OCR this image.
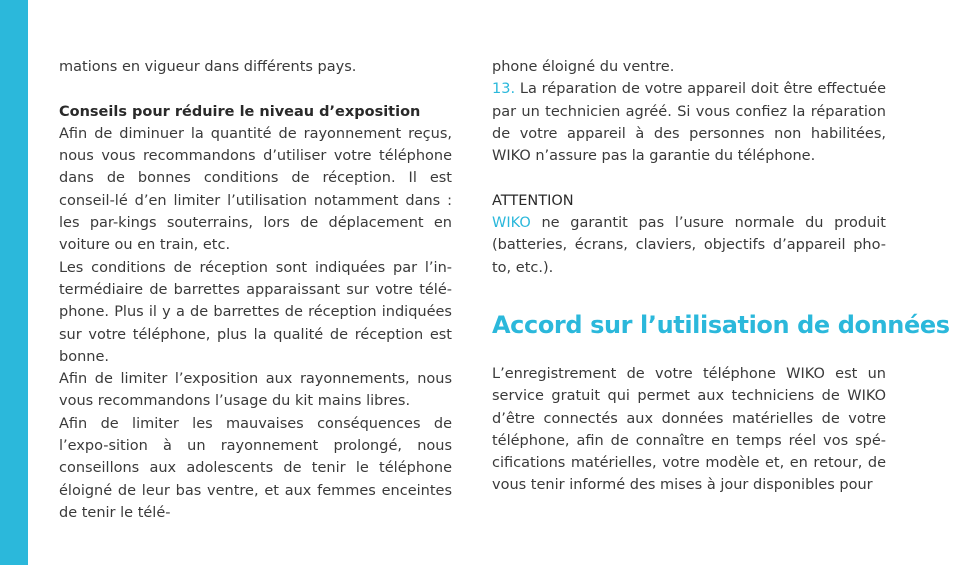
mations en vigueur dans différents pays.

Conseils pour réduire le niveau d’exposition

Afin de diminuer la quantité de rayonnement reçus, nous vous recommandons d’utiliser votre téléphone dans de bonnes conditions de réception. Il est conseil-lé d’en limiter l’utilisation notamment dans : les par-kings souterrains, lors de déplacement en voiture ou en train, etc.

Les conditions de réception sont indiquées par l’in-termédiaire de barrettes apparaissant sur votre télé-phone. Plus il y a de barrettes de réception indiquées sur votre téléphone, plus la qualité de réception est bonne.

Afin de limiter l’exposition aux rayonnements, nous vous recommandons l’usage du kit mains libres.

Afin de limiter les mauvaises conséquences de l’expo-sition à un rayonnement prolongé, nous conseillons aux adolescents de tenir le téléphone éloigné de leur bas ventre, et aux femmes enceintes de tenir le télé-

phone éloigné du ventre.

13. La réparation de votre appareil doit être effectuée par un technicien agréé. Si vous confiez la réparation de votre appareil à des personnes non habilitées, WIKO n’assure pas la garantie du téléphone.

ATTENTION

WIKO ne garantit pas l’usure normale du produit (batteries, écrans, claviers, objectifs d’appareil pho-to, etc.).

Accord sur l’utilisation de données

L’enregistrement de votre téléphone WIKO est un service gratuit qui permet aux techniciens de WIKO d’être connectés aux données matérielles de votre téléphone, afin de connaître en temps réel vos spé-cifications matérielles, votre modèle et, en retour, de vous tenir informé des mises à jour disponibles pour
